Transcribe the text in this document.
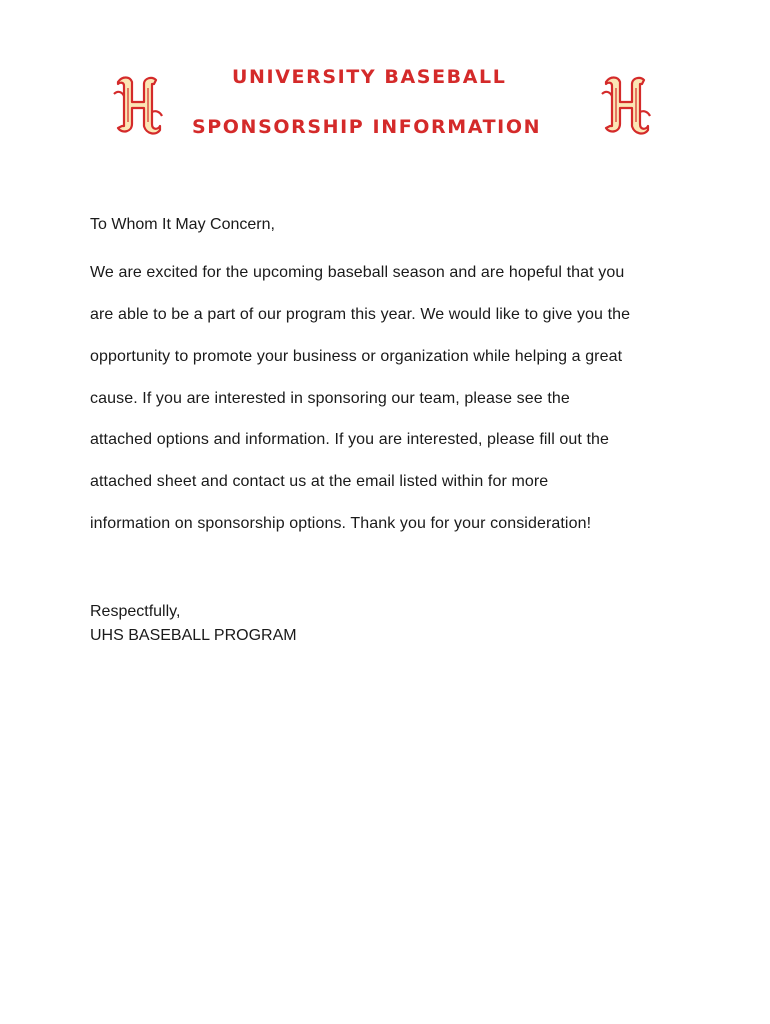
UNIVERSITY BASEBALL
SPONSORSHIP INFORMATION
To Whom It May Concern,
We are excited for the upcoming baseball season and are hopeful that you
are able to be a part of our program this year. We would like to give you the
opportunity to promote your business or organization while helping a great
cause. If you are interested in sponsoring our team, please see the
attached options and information. If you are interested, please fill out the
attached sheet and contact us at the email listed within for more
information on sponsorship options. Thank you for your consideration!
Respectfully,
UHS BASEBALL PROGRAM
